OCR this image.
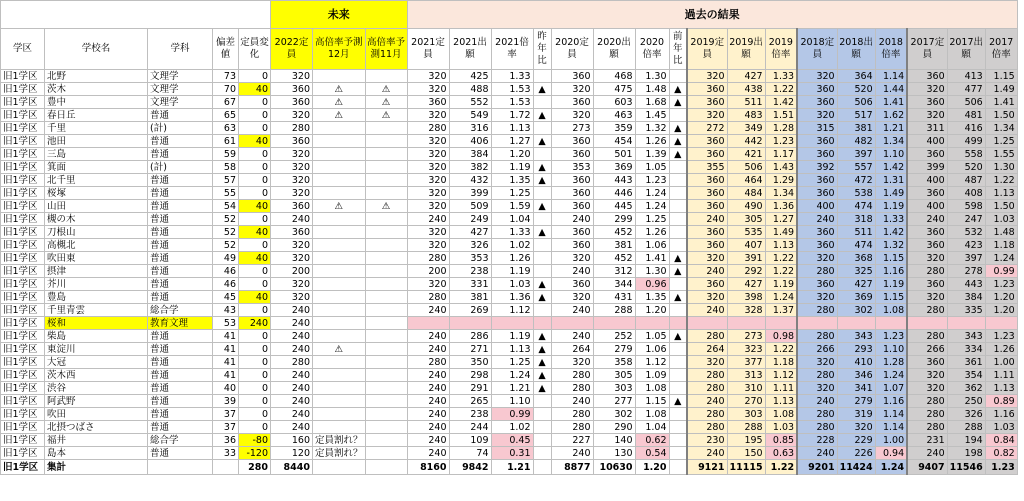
					未来			過去の結果																
学区	学校名	学科	偏差値	定員変化	2022定員	高倍率予測12月	高倍率予測11月	2021定員	2021出願	2021倍率	昨年比	2020定員	2020出願	2020倍率	前年比	2019定員	2019出願	2019倍率	2018定員	2018出願	2018倍率	2017定員	2017出願	2017倍率
旧1学区	北野	文理学	73	0	320			320	425	1.33		360	468	1.30		320	427	1.33	320	364	1.14	360	413	1.15
旧1学区	茨木	文理学	70	40	360	⚠	⚠	320	488	1.53	▲	320	475	1.48	▲	360	438	1.22	360	520	1.44	320	477	1.49
旧1学区	豊中	文理学	67	0	360	⚠	⚠	360	552	1.53		360	603	1.68	▲	360	511	1.42	360	506	1.41	360	506	1.41
旧1学区	春日丘	普通	65	0	320	⚠	⚠	320	549	1.72	▲	320	463	1.45		320	483	1.51	320	517	1.62	320	481	1.50
旧1学区	千里	(計)	63	0	280			280	316	1.13		273	359	1.32	▲	272	349	1.28	315	381	1.21	311	416	1.34
旧1学区	池田	普通	61	40	360			320	406	1.27	▲	360	454	1.26	▲	360	442	1.23	360	482	1.34	400	499	1.25
旧1学区	三島	普通	59	0	320			320	384	1.20		360	501	1.39	▲	360	421	1.17	360	397	1.10	360	558	1.55
旧1学区	箕面	(計)	58	0	320			320	382	1.19	▲	353	369	1.05		355	506	1.43	392	557	1.42	399	520	1.30
旧1学区	北千里	普通	57	0	320			320	432	1.35	▲	360	443	1.23		360	464	1.29	360	472	1.31	400	487	1.22
旧1学区	桜塚	普通	55	0	320			320	399	1.25		360	446	1.24		360	484	1.34	360	538	1.49	360	408	1.13
旧1学区	山田	普通	54	40	360	⚠	⚠	320	509	1.59	▲	360	445	1.24		360	490	1.36	400	474	1.19	400	598	1.50
旧1学区	槻の木	普通	52	0	240			240	249	1.04		240	299	1.25		240	305	1.27	240	318	1.33	240	247	1.03
旧1学区	刀根山	普通	52	40	360			320	427	1.33	▲	360	452	1.26		360	535	1.49	360	511	1.42	360	532	1.48
旧1学区	高槻北	普通	52	0	320			320	326	1.02		360	381	1.06		360	407	1.13	360	474	1.32	360	423	1.18
旧1学区	吹田東	普通	49	40	320			280	353	1.26		320	452	1.41	▲	320	391	1.22	320	368	1.15	320	397	1.24
旧1学区	摂津	普通	46	0	200			200	238	1.19		240	312	1.30	▲	240	292	1.22	280	325	1.16	280	278	0.99
旧1学区	芥川	普通	46	0	320			320	331	1.03	▲	360	344	0.96		360	427	1.19	360	427	1.19	360	443	1.23
旧1学区	豊島	普通	45	40	320			280	381	1.36	▲	320	431	1.35	▲	320	398	1.24	320	369	1.15	320	384	1.20
旧1学区	千里青雲	総合学	43	0	240			240	269	1.12		240	288	1.20		240	328	1.37	280	302	1.08	280	335	1.20
旧1学区	桜和	教育文理	53	240	240																			
旧1学区	柴島	普通	41	0	240			240	286	1.19	▲	240	252	1.05	▲	280	273	0.98	280	343	1.23	280	343	1.23
旧1学区	東淀川	普通	41	0	240	⚠		240	271	1.13	▲	264	279	1.06		264	323	1.22	266	293	1.10	266	334	1.26
旧1学区	大冠	普通	41	0	280			280	350	1.25	▲	320	358	1.12		320	377	1.18	320	410	1.28	360	361	1.00
旧1学区	茨木西	普通	41	0	240			240	298	1.24	▲	280	305	1.09		280	313	1.12	280	346	1.24	320	354	1.11
旧1学区	渋谷	普通	40	0	240			240	291	1.21	▲	280	303	1.08		280	310	1.11	320	341	1.07	320	362	1.13
旧1学区	阿武野	普通	39	0	240			240	265	1.10		240	277	1.15	▲	240	270	1.13	240	279	1.16	280	250	0.89
旧1学区	吹田	普通	37	0	240			240	238	0.99		280	302	1.08		280	303	1.08	280	319	1.14	280	326	1.16
旧1学区	北摂つばさ	普通	37	0	240			240	244	1.02		280	290	1.04		280	288	1.03	280	320	1.14	280	288	1.03
旧1学区	福井	総合学	36	-80	160	定員割れ？		240	109	0.45		227	140	0.62		230	195	0.85	228	229	1.00	231	194	0.84
旧1学区	島本	普通	33	-120	120	定員割れ？		240	74	0.31		240	130	0.54		240	150	0.63	240	226	0.94	240	198	0.82
旧1学区	集計			280	8440			8160	9842	1.21		8877	10630	1.20		9121	11115	1.22	9201	11424	1.24	9407	11546	1.23
